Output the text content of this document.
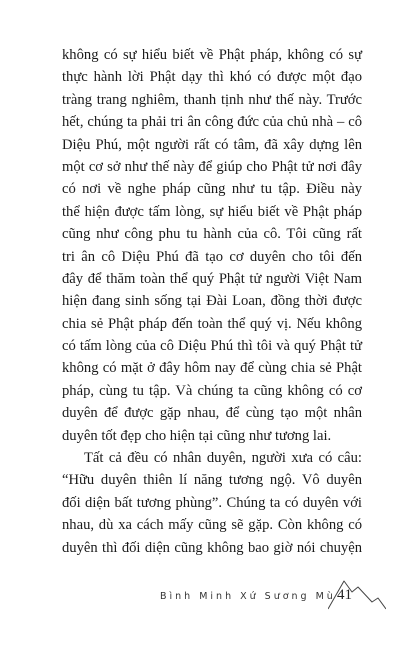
không có sự hiểu biết về Phật pháp, không có sự
thực hành lời Phật dạy thì khó có được một đạo
tràng trang nghiêm, thanh tịnh như thế này. Trước
hết, chúng ta phải tri ân công đức của chủ nhà – cô
Diệu Phú, một người rất có tâm, đã xây dựng lên
một cơ sở như thế này để giúp cho Phật tử nơi đây
có nơi về nghe pháp cũng như tu tập. Điều này
thể hiện được tấm lòng, sự hiểu biết về Phật pháp
cũng như công phu tu hành của cô. Tôi cũng rất
tri ân cô Diệu Phú đã tạo cơ duyên cho tôi đến
đây để thăm toàn thể quý Phật tử người Việt Nam
hiện đang sinh sống tại Đài Loan, đồng thời được
chia sẻ Phật pháp đến toàn thể quý vị. Nếu không
có tấm lòng của cô Diệu Phú thì tôi và quý Phật tử
không có mặt ở đây hôm nay để cùng chia sẻ Phật
pháp, cùng tu tập. Và chúng ta cũng không có cơ
duyên để được gặp nhau, để cùng tạo một nhân
duyên tốt đẹp cho hiện tại cũng như tương lai.
Tất cả đều có nhân duyên, người xưa có câu:
“Hữu duyên thiên lí năng tương ngộ. Vô duyên
đối diện bất tương phùng”. Chúng ta có duyên với
nhau, dù xa cách mấy cũng sẽ gặp. Còn không có
duyên thì đối diện cũng không bao giờ nói chuyện
Bình Minh Xứ Sương Mù 41
